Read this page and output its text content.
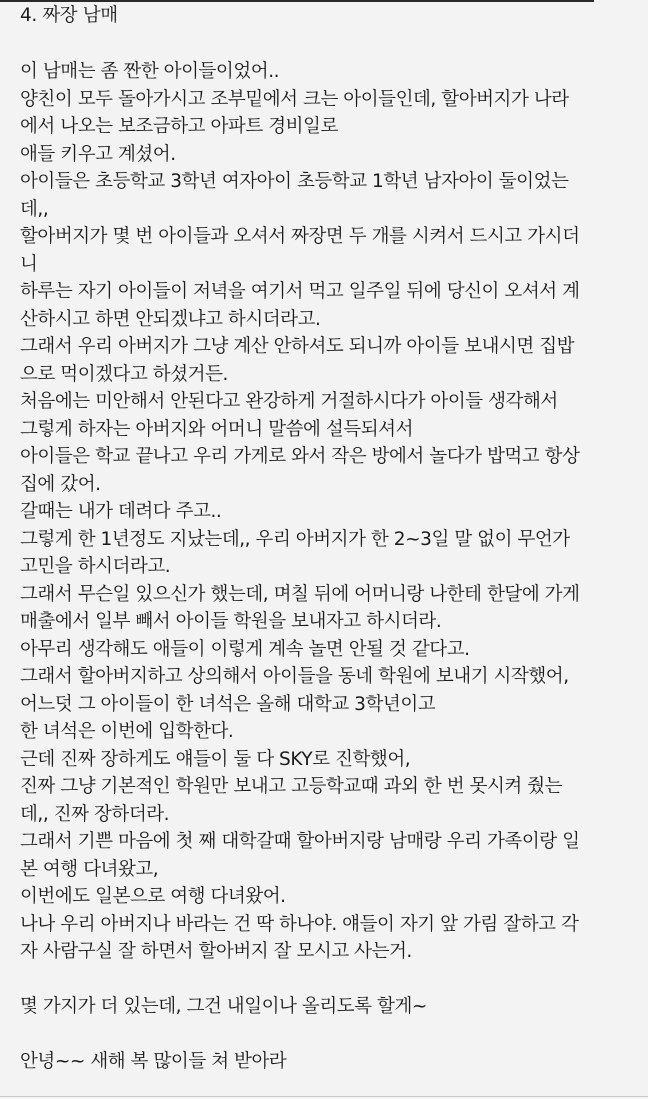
4. 짜장 남매
이 남매는 좀 짠한 아이들이었어..
양친이 모두 돌아가시고 조부밑에서 크는 아이들인데, 할아버지가 나라
에서 나오는 보조금하고 아파트 경비일로
애들 키우고 계셨어.
아이들은 초등학교 3학년 여자아이 초등학교 1학년 남자아이 둘이었는
데,,
할아버지가 몇 번 아이들과 오셔서 짜장면 두 개를 시켜서 드시고 가시더
니
하루는 자기 아이들이 저녁을 여기서 먹고 일주일 뒤에 당신이 오셔서 계
산하시고 하면 안되겠냐고 하시더라고.
그래서 우리 아버지가 그냥 계산 안하셔도 되니까 아이들 보내시면 집밥
으로 먹이겠다고 하셨거든.
처음에는 미안해서 안된다고 완강하게 거절하시다가 아이들 생각해서
그렇게 하자는 아버지와 어머니 말씀에 설득되셔서
아이들은 학교 끝나고 우리 가게로 와서 작은 방에서 놀다가 밥먹고 항상
집에 갔어.
갈때는 내가 데려다 주고..
그렇게 한 1년정도 지났는데,, 우리 아버지가 한 2~3일 말 없이 무언가
고민을 하시더라고.
그래서 무슨일 있으신가 했는데, 며칠 뒤에 어머니랑 나한테 한달에 가게
매출에서 일부 빼서 아이들 학원을 보내자고 하시더라.
아무리 생각해도 애들이 이렇게 계속 놀면 안될 것 같다고.
그래서 할아버지하고 상의해서 아이들을 동네 학원에 보내기 시작했어,
어느덧 그 아이들이 한 녀석은 올해 대학교 3학년이고
한 녀석은 이번에 입학한다.
근데 진짜 장하게도 얘들이 둘 다 SKY로 진학했어,
진짜 그냥 기본적인 학원만 보내고 고등학교때 과외 한 번 못시켜 줬는
데,, 진짜 장하더라.
그래서 기쁜 마음에 첫 째 대학갈때 할아버지랑 남매랑 우리 가족이랑 일
본 여행 다녀왔고,
이번에도 일본으로 여행 다녀왔어.
나나 우리 아버지나 바라는 건 딱 하나야. 얘들이 자기 앞 가림 잘하고 각
자 사람구실 잘 하면서 할아버지 잘 모시고 사는거.
몇 가지가 더 있는데, 그건 내일이나 올리도록 할게~
안녕~~ 새해 복 많이들 쳐 받아라
